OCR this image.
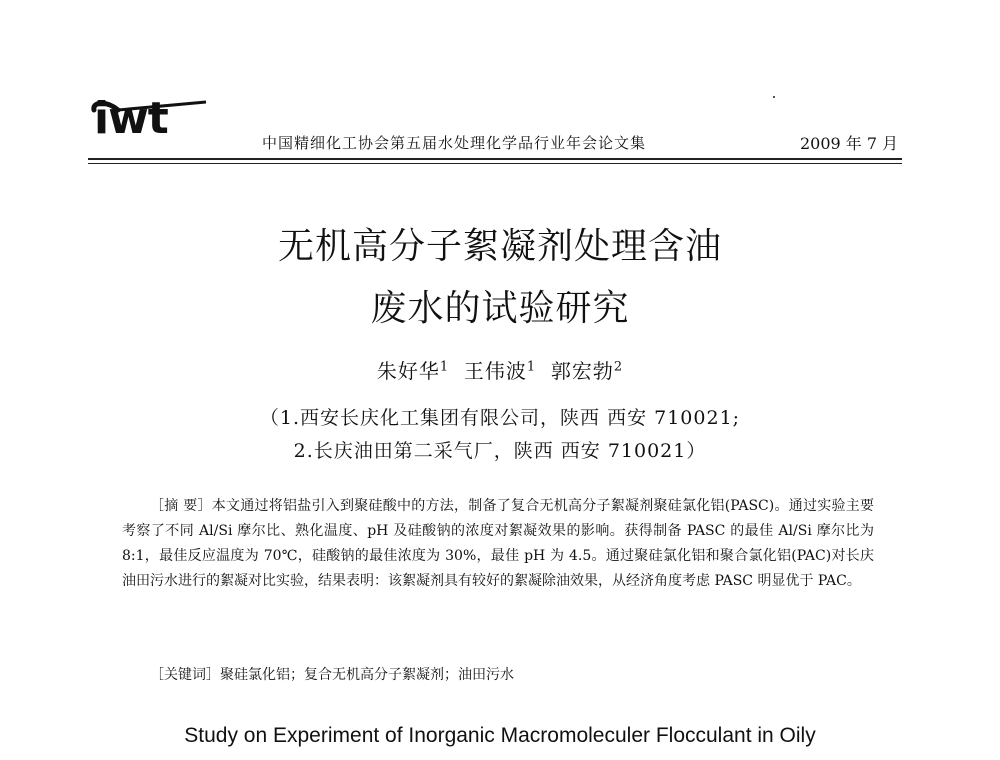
iwt	中国精细化工协会第五届水处理化学品行业年会论文集	2009 年 7 月
无机高分子絮凝剂处理含油
废水的试验研究
朱好华$^1$ 王伟波$^1$ 郭宏勃$^2$
（1.西安长庆化工集团有限公司，陕西 西安 710021;
2.长庆油田第二采气厂，陕西 西安 710021）

［摘 要］本文通过将铝盐引入到聚硅酸中的方法，制备了复合无机高分子絮凝剂聚硅氯化铝(PASC)。通过实验主要考察了不同 Al/Si 摩尔比、熟化温度、pH 及硅酸钠的浓度对絮凝效果的影响。获得制备 PASC 的最佳 Al/Si 摩尔比为 8:1，最佳反应温度为 70℃，硅酸钠的最佳浓度为 30%，最佳 pH 为 4.5。通过聚硅氯化铝和聚合氯化铝(PAC)对长庆油田污水进行的絮凝对比实验，结果表明：该絮凝剂具有较好的絮凝除油效果，从经济角度考虑 PASC 明显优于 PAC。

［关键词］聚硅氯化铝；复合无机高分子絮凝剂；油田污水
Study on Experiment of Inorganic Macromoleculer Flocculant in Oily
